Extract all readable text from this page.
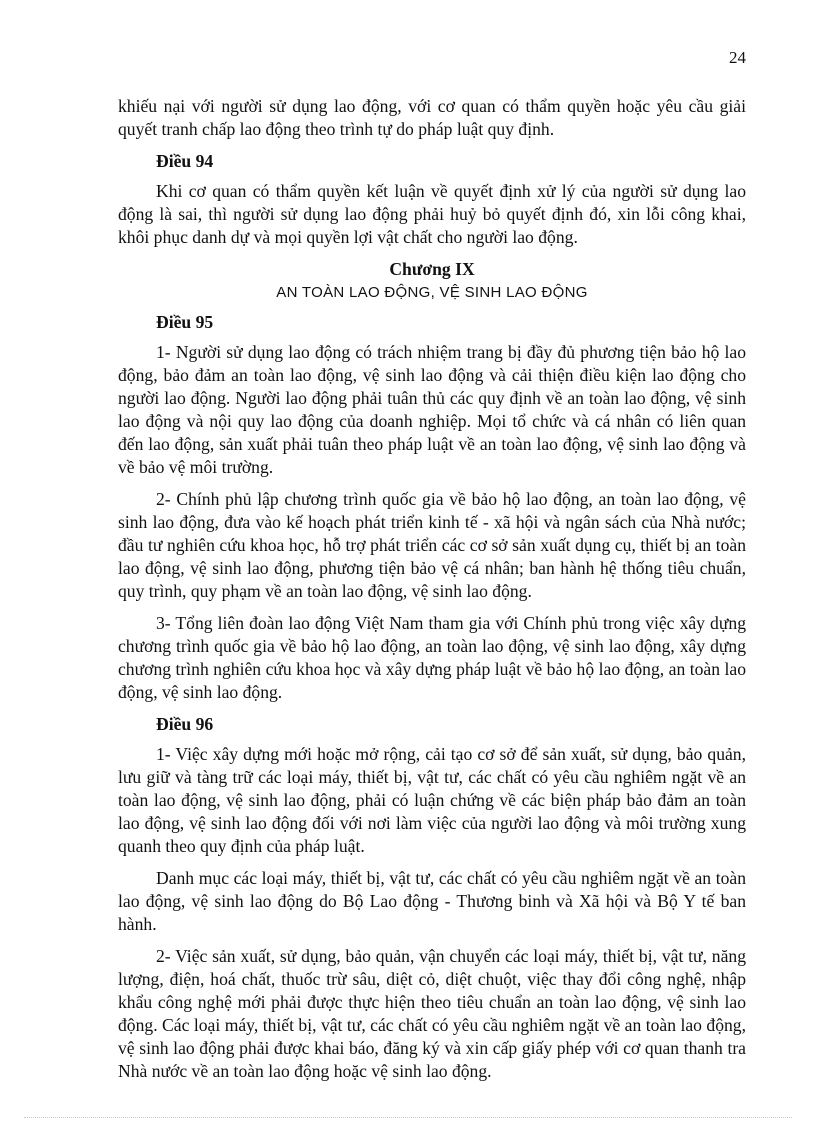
24

khiếu nại với người sử dụng lao động, với cơ quan có thẩm quyền hoặc yêu cầu giải quyết tranh chấp lao động theo trình tự do pháp luật quy định.

Điều 94

Khi cơ quan có thẩm quyền kết luận về quyết định xử lý của người sử dụng lao động là sai, thì người sử dụng lao động phải huỷ bỏ quyết định đó, xin lỗi công khai, khôi phục danh dự và mọi quyền lợi vật chất cho người lao động.

Chương IX
AN TOÀN LAO ĐỘNG, VỆ SINH LAO ĐỘNG
Điều 95

1- Người sử dụng lao động có trách nhiệm trang bị đầy đủ phương tiện bảo hộ lao động, bảo đảm an toàn lao động, vệ sinh lao động và cải thiện điều kiện lao động cho người lao động. Người lao động phải tuân thủ các quy định về an toàn lao động, vệ sinh lao động và nội quy lao động của doanh nghiệp. Mọi tổ chức và cá nhân có liên quan đến lao động, sản xuất phải tuân theo pháp luật về an toàn lao động, vệ sinh lao động và về bảo vệ môi trường.

2- Chính phủ lập chương trình quốc gia về bảo hộ lao động, an toàn lao động, vệ sinh lao động, đưa vào kế hoạch phát triển kinh tế - xã hội và ngân sách của Nhà nước; đầu tư nghiên cứu khoa học, hỗ trợ phát triển các cơ sở sản xuất dụng cụ, thiết bị an toàn lao động, vệ sinh lao động, phương tiện bảo vệ cá nhân; ban hành hệ thống tiêu chuẩn, quy trình, quy phạm về an toàn lao động, vệ sinh lao động.

3- Tổng liên đoàn lao động Việt Nam tham gia với Chính phủ trong việc xây dựng chương trình quốc gia về bảo hộ lao động, an toàn lao động, vệ sinh lao động, xây dựng chương trình nghiên cứu khoa học và xây dựng pháp luật về bảo hộ lao động, an toàn lao động, vệ sinh lao động.

Điều 96

1- Việc xây dựng mới hoặc mở rộng, cải tạo cơ sở để sản xuất, sử dụng, bảo quản, lưu giữ và tàng trữ các loại máy, thiết bị, vật tư, các chất có yêu cầu nghiêm ngặt về an toàn lao động, vệ sinh lao động, phải có luận chứng về các biện pháp bảo đảm an toàn lao động, vệ sinh lao động đối với nơi làm việc của người lao động và môi trường xung quanh theo quy định của pháp luật.

Danh mục các loại máy, thiết bị, vật tư, các chất có yêu cầu nghiêm ngặt về an toàn lao động, vệ sinh lao động do Bộ Lao động - Thương binh và Xã hội và Bộ Y tế ban hành.

2- Việc sản xuất, sử dụng, bảo quản, vận chuyển các loại máy, thiết bị, vật tư, năng lượng, điện, hoá chất, thuốc trừ sâu, diệt cỏ, diệt chuột, việc thay đổi công nghệ, nhập khẩu công nghệ mới phải được thực hiện theo tiêu chuẩn an toàn lao động, vệ sinh lao động. Các loại máy, thiết bị, vật tư, các chất có yêu cầu nghiêm ngặt về an toàn lao động, vệ sinh lao động phải được khai báo, đăng ký và xin cấp giấy phép với cơ quan thanh tra Nhà nước về an toàn lao động hoặc vệ sinh lao động.
